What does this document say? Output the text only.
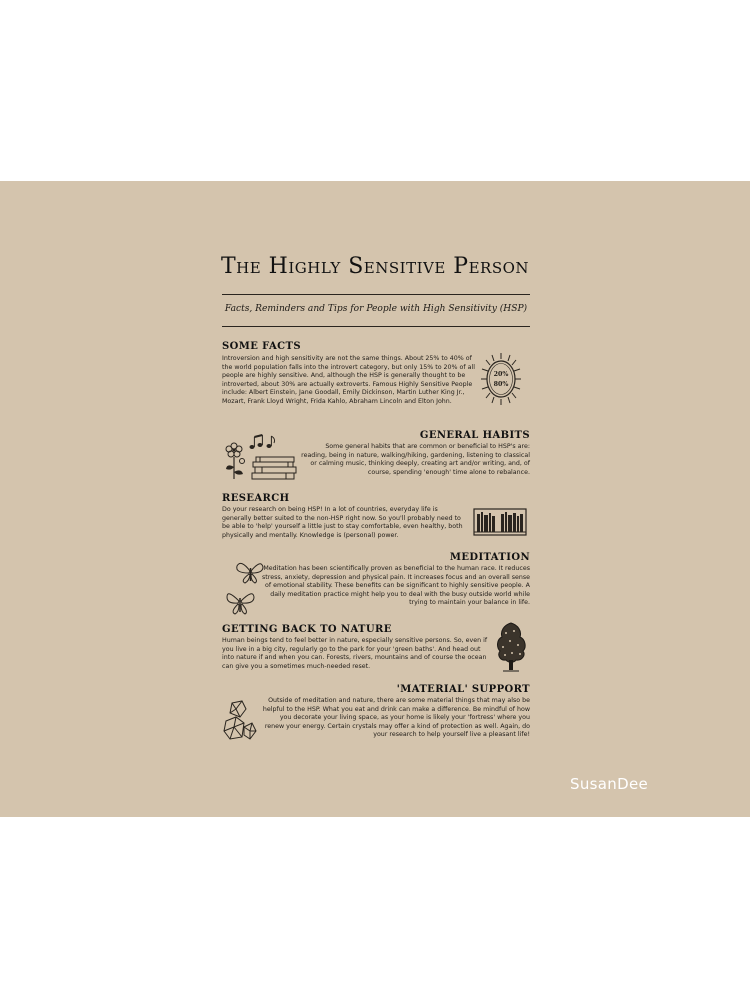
The Highly Sensitive Person
Facts, Reminders and Tips for People with High Sensitivity (HSP)
SOME FACTS
Introversion and high sensitivity are not the same things. About 25% to 40% of the world population falls into the introvert category, but only 15% to 20% of all people are highly sensitive. And, although the HSP is generally thought to be introverted, about 30% are actually extroverts. Famous Highly Sensitive People include: Albert Einstein, Jane Goodall, Emily Dickinson, Martin Luther King Jr., Mozart, Frank Lloyd Wright, Frida Kahlo, Abraham Lincoln and Elton John.
20%
80%
GENERAL HABITS
Some general habits that are common or beneficial to HSP's are: reading, being in nature, walking/hiking, gardening, listening to classical or calming music, thinking deeply, creating art and/or writing, and, of course, spending 'enough' time alone to rebalance.
RESEARCH
Do your research on being HSP! In a lot of countries, everyday life is generally better suited to the non-HSP right now. So you'll probably need to be able to 'help' yourself a little just to stay comfortable, even healthy, both physically and mentally. Knowledge is (personal) power.
MEDITATION
Meditation has been scientifically proven as beneficial to the human race. It reduces stress, anxiety, depression and physical pain. It increases focus and an overall sense of emotional stability. These benefits can be significant to highly sensitive people. A daily meditation practice might help you to deal with the busy outside world while trying to maintain your balance in life.
GETTING BACK TO NATURE
Human beings tend to feel better in nature, especially sensitive persons. So, even if you live in a big city, regularly go to the park for your 'green baths'. And head out into nature if and when you can. Forests, rivers, mountains and of course the ocean can give you a sometimes much-needed reset.
'MATERIAL' SUPPORT
Outside of meditation and nature, there are some material things that may also be helpful to the HSP. What you eat and drink can make a difference. Be mindful of how you decorate your living space, as your home is likely your 'fortress' where you renew your energy. Certain crystals may offer a kind of protection as well. Again, do your research to help yourself live a pleasant life!
SusanDee
